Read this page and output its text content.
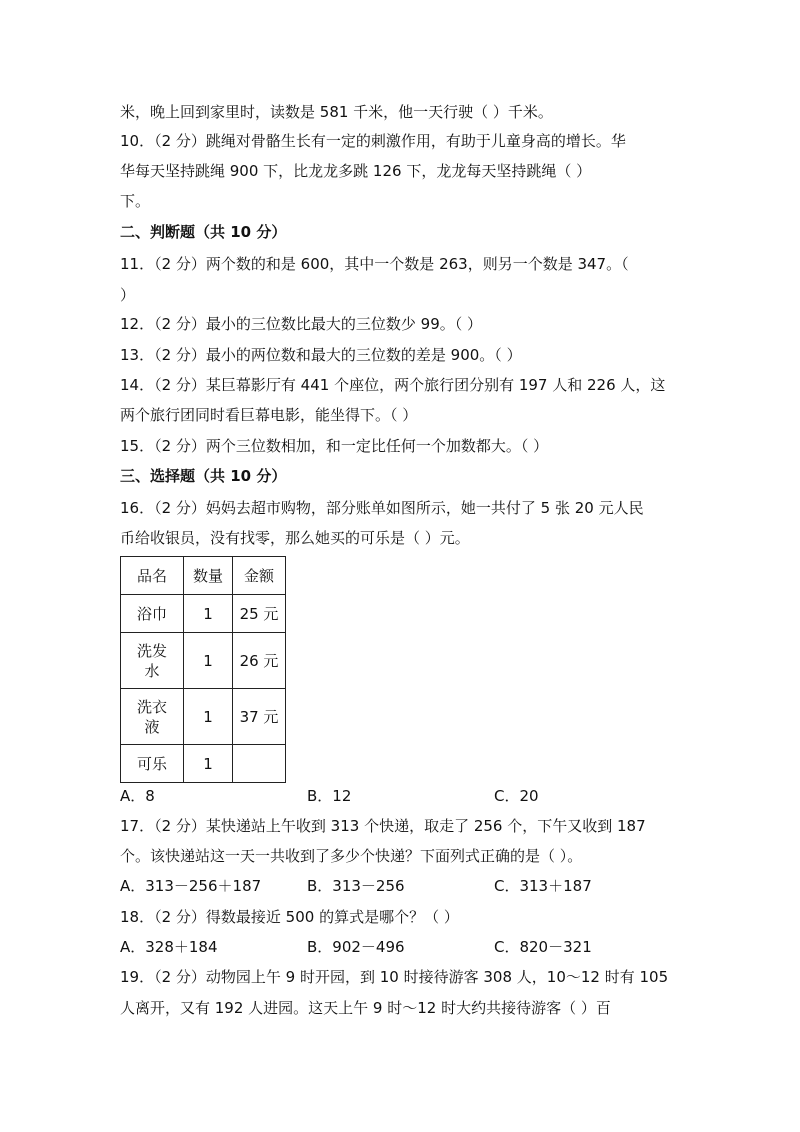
米，晚上回到家里时，读数是 581 千米，他一天行驶（ ）千米。
10．（2 分）跳绳对骨骼生长有一定的刺激作用，有助于儿童身高的增长。华
华每天坚持跳绳 900 下，比龙龙多跳 126 下，龙龙每天坚持跳绳（ ）
下。
二、判断题（共 10 分）
11．（2 分）两个数的和是 600，其中一个数是 263，则另一个数是 347。（
）
12．（2 分）最小的三位数比最大的三位数少 99。（ ）
13．（2 分）最小的两位数和最大的三位数的差是 900。（ ）
14．（2 分）某巨幕影厅有 441 个座位，两个旅行团分别有 197 人和 226 人，这
两个旅行团同时看巨幕电影，能坐得下。（ ）
15．（2 分）两个三位数相加，和一定比任何一个加数都大。（ ）
三、选择题（共 10 分）
16．（2 分）妈妈去超市购物，部分账单如图所示，她一共付了 5 张 20 元人民
币给收银员，没有找零，那么她买的可乐是（ ）元。
品名	数量	金额
浴巾	1	25 元
洗发
水	1	26 元
洗衣
液	1	37 元
可乐	1	
A．8	B．12	C．20
17．（2 分）某快递站上午收到 313 个快递，取走了 256 个，下午又收到 187
个。该快递站这一天一共收到了多少个快递？下面列式正确的是（ ）。
A．313－256＋187	B．313－256	C．313＋187
18．（2 分）得数最接近 500 的算式是哪个？（ ）
A．328＋184	B．902－496	C．820－321
19．（2 分）动物园上午 9 时开园，到 10 时接待游客 308 人，10～12 时有 105
人离开，又有 192 人进园。这天上午 9 时～12 时大约共接待游客（ ）百
